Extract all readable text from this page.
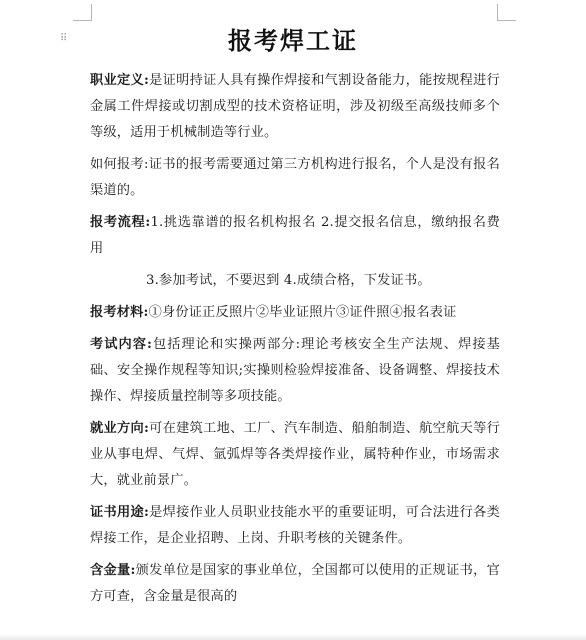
⠿	报考焊工证

职业定义:是证明持证人具有操作焊接和气割设备能力，能按规程进行金属工件焊接或切割成型的技术资格证明，涉及初级至高级技师多个等级，适用于机械制造等行业。

如何报考:证书的报考需要通过第三方机构进行报名，个人是没有报名渠道的。

报考流程:1.挑选靠谱的报名机构报名 2.提交报名信息，缴纳报名费用

3.参加考试，不要迟到 4.成绩合格，下发证书。

报考材料:①身份证正反照片②毕业证照片③证件照④报名表证

考试内容:包括理论和实操两部分:理论考核安全生产法规、焊接基础、安全操作规程等知识;实操则检验焊接准备、设备调整、焊接技术操作、焊接质量控制等多项技能。

就业方向:可在建筑工地、工厂、汽车制造、船舶制造、航空航天等行业从事电焊、气焊、氩弧焊等各类焊接作业，属特种作业，市场需求大，就业前景广。

证书用途:是焊接作业人员职业技能水平的重要证明，可合法进行各类焊接工作，是企业招聘、上岗、升职考核的关键条件。

含金量:颁发单位是国家的事业单位，全国都可以使用的正规证书，官方可查，含金量是很高的
